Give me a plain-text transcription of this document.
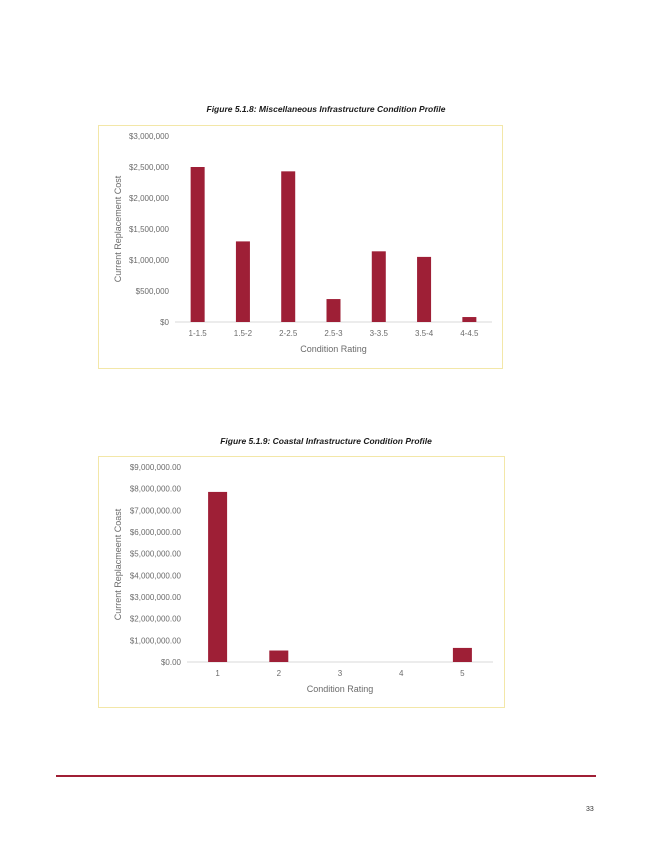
Figure 5.1.8: Miscellaneous Infrastructure Condition Profile
$0
$500,000
$1,000,000
$1,500,000
$2,000,000
$2,500,000
$3,000,000
1-1.5	1.5-2	2-2.5	2.5-3	3-3.5	3.5-4	4-4.5
Condition Rating
Current Replacement Cost
Figure 5.1.9: Coastal Infrastructure Condition Profile
$0.00
$1,000,000.00
$2,000,000.00
$3,000,000.00
$4,000,000.00
$5,000,000.00
$6,000,000.00
$7,000,000.00
$8,000,000.00
$9,000,000.00
1	2	3	4	5
Condition Rating
Current Replacmeent Coast
33
